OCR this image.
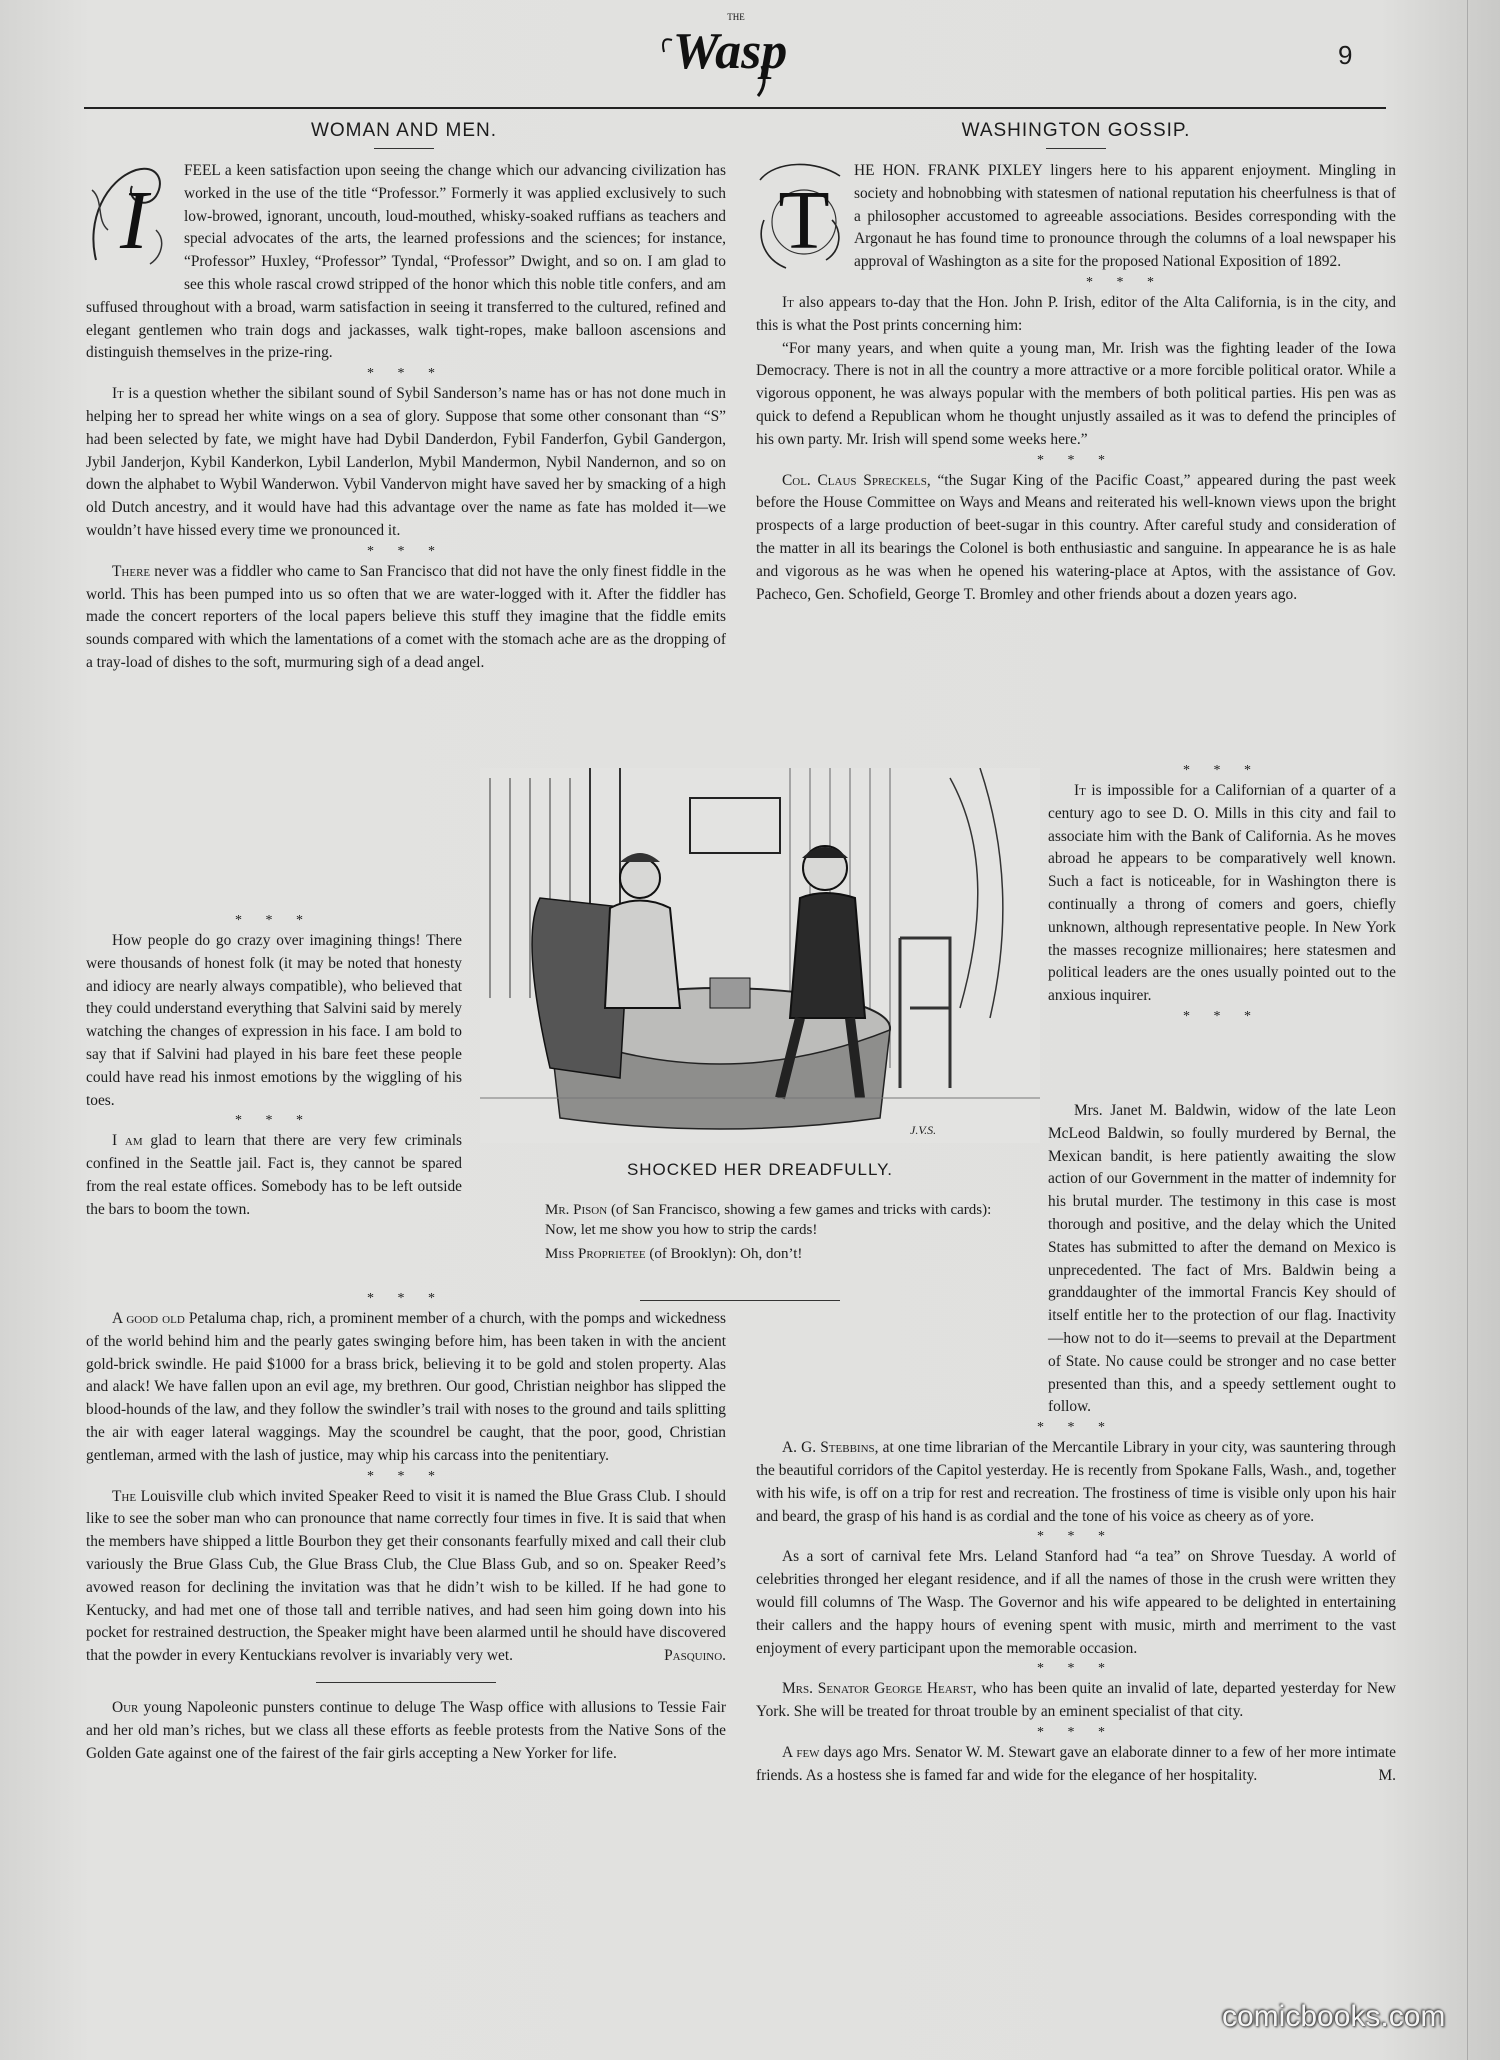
THE
Wasp	9
WOMAN AND MEN.
I

FEEL a keen satisfaction upon seeing the change which our advancing civilization has worked in the use of the title “Professor.” Formerly it was applied exclusively to such low-browed, ignorant, uncouth, loud-mouthed, whisky-soaked ruffians as teachers and special advocates of the arts, the learned professions and the sciences; for instance, “Professor” Huxley, “Professor” Tyndal, “Professor” Dwight, and so on. I am glad to see this whole rascal crowd stripped of the honor which this noble title confers, and am suffused throughout with a broad, warm satisfaction in seeing it transferred to the cultured, refined and elegant gentlemen who train dogs and jackasses, walk tight-ropes, make balloon ascensions and distinguish themselves in the prize-ring.

* * *

It is a question whether the sibilant sound of Sybil Sanderson’s name has or has not done much in helping her to spread her white wings on a sea of glory. Suppose that some other consonant than “S” had been selected by fate, we might have had Dybil Danderdon, Fybil Fanderfon, Gybil Gandergon, Jybil Janderjon, Kybil Kanderkon, Lybil Landerlon, Mybil Mandermon, Nybil Nandernon, and so on down the alphabet to Wybil Wanderwon. Vybil Vandervon might have saved her by smacking of a high old Dutch ancestry, and it would have had this advantage over the name as fate has molded it—we wouldn’t have hissed every time we pronounced it.

* * *

There never was a fiddler who came to San Francisco that did not have the only finest fiddle in the world. This has been pumped into us so often that we are water-logged with it. After the fiddler has made the concert reporters of the local papers believe this stuff they imagine that the fiddle emits sounds compared with which the lamentations of a comet with the stomach ache are as the dropping of a tray-load of dishes to the soft, murmuring sigh of a dead angel.

* * *

How people do go crazy over imagining things! There were thousands of honest folk (it may be noted that honesty and idiocy are nearly always compatible), who believed that they could understand everything that Salvini said by merely watching the changes of expression in his face. I am bold to say that if Salvini had played in his bare feet these people could have read his inmost emotions by the wiggling of his toes.

* * *

I am glad to learn that there are very few criminals confined in the Seattle jail. Fact is, they cannot be spared from the real estate offices. Somebody has to be left outside the bars to boom the town.

J.V.S.
SHOCKED HER DREADFULLY.

Mr. Pison (of San Francisco, showing a few games and tricks with cards): Now, let me show you how to strip the cards!

Miss Proprietee (of Brooklyn): Oh, don’t!

* * *

A good old Petaluma chap, rich, a prominent member of a church, with the pomps and wickedness of the world behind him and the pearly gates swinging before him, has been taken in with the ancient gold-brick swindle. He paid $1000 for a brass brick, believing it to be gold and stolen property. Alas and alack! We have fallen upon an evil age, my brethren. Our good, Christian neighbor has slipped the blood-hounds of the law, and they follow the swindler’s trail with noses to the ground and tails splitting the air with eager lateral waggings. May the scoundrel be caught, that the poor, good, Christian gentleman, armed with the lash of justice, may whip his carcass into the penitentiary.

* * *

The Louisville club which invited Speaker Reed to visit it is named the Blue Grass Club. I should like to see the sober man who can pronounce that name correctly four times in five. It is said that when the members have shipped a little Bourbon they get their consonants fearfully mixed and call their club variously the Brue Glass Cub, the Glue Brass Club, the Clue Blass Gub, and so on. Speaker Reed’s avowed reason for declining the invitation was that he didn’t wish to be killed. If he had gone to Kentucky, and had met one of those tall and terrible natives, and had seen him going down into his pocket for restrained destruction, the Speaker might have been alarmed until he should have discovered that the powder in every Kentuckians revolver is invariably very wet.	Pasquino.

Our young Napoleonic punsters continue to deluge The Wasp office with allusions to Tessie Fair and her old man’s riches, but we class all these efforts as feeble protests from the Native Sons of the Golden Gate against one of the fairest of the fair girls accepting a New Yorker for life.

WASHINGTON GOSSIP.
T

HE HON. FRANK PIXLEY lingers here to his apparent enjoyment. Mingling in society and hobnobbing with statesmen of national reputation his cheerfulness is that of a philosopher accustomed to agreeable associations. Besides corresponding with the Argonaut he has found time to pronounce through the columns of a loal newspaper his approval of Washington as a site for the proposed National Exposition of 1892.

* * *

It also appears to-day that the Hon. John P. Irish, editor of the Alta California, is in the city, and this is what the Post prints concerning him:

“For many years, and when quite a young man, Mr. Irish was the fighting leader of the Iowa Democracy. There is not in all the country a more attractive or a more forcible political orator. While a vigorous opponent, he was always popular with the members of both political parties. His pen was as quick to defend a Republican whom he thought unjustly assailed as it was to defend the principles of his own party. Mr. Irish will spend some weeks here.”

* * *

Col. Claus Spreckels, “the Sugar King of the Pacific Coast,” appeared during the past week before the House Committee on Ways and Means and reiterated his well-known views upon the bright prospects of a large production of beet-sugar in this country. After careful study and consideration of the matter in all its bearings the Colonel is both enthusiastic and sanguine. In appearance he is as hale and vigorous as he was when he opened his watering-place at Aptos, with the assistance of Gov. Pacheco, Gen. Schofield, George T. Bromley and other friends about a dozen years ago.

* * *

It is impossible for a Californian of a quarter of a century ago to see D. O. Mills in this city and fail to associate him with the Bank of California. As he moves abroad he appears to be comparatively well known. Such a fact is noticeable, for in Washington there is continually a throng of comers and goers, chiefly unknown, although representative people. In New York the masses recognize millionaires; here statesmen and political leaders are the ones usually pointed out to the anxious inquirer.

* * *

Mrs. Janet M. Baldwin, widow of the late Leon McLeod Baldwin, so foully murdered by Bernal, the Mexican bandit, is here patiently awaiting the slow action of our Government in the matter of indemnity for his brutal murder. The testimony in this case is most thorough and positive, and the delay which the United States has submitted to after the demand on Mexico is unprecedented. The fact of Mrs. Baldwin being a granddaughter of the immortal Francis Key should of itself entitle her to the protection of our flag. Inactivity—how not to do it—seems to prevail at the Department of State. No cause could be stronger and no case better presented than this, and a speedy settlement ought to follow.

* * *

A. G. Stebbins, at one time librarian of the Mercantile Library in your city, was sauntering through the beautiful corridors of the Capitol yesterday. He is recently from Spokane Falls, Wash., and, together with his wife, is off on a trip for rest and recreation. The frostiness of time is visible only upon his hair and beard, the grasp of his hand is as cordial and the tone of his voice as cheery as of yore.

* * *

As a sort of carnival fete Mrs. Leland Stanford had “a tea” on Shrove Tuesday. A world of celebrities thronged her elegant residence, and if all the names of those in the crush were written they would fill columns of The Wasp. The Governor and his wife appeared to be delighted in entertaining their callers and the happy hours of evening spent with music, mirth and merriment to the vast enjoyment of every participant upon the memorable occasion.

* * *

Mrs. Senator George Hearst, who has been quite an invalid of late, departed yesterday for New York. She will be treated for throat trouble by an eminent specialist of that city.

* * *

A few days ago Mrs. Senator W. M. Stewart gave an elaborate dinner to a few of her more intimate friends. As a hostess she is famed far and wide for the elegance of her hospitality.	M.

comicbooks.com
